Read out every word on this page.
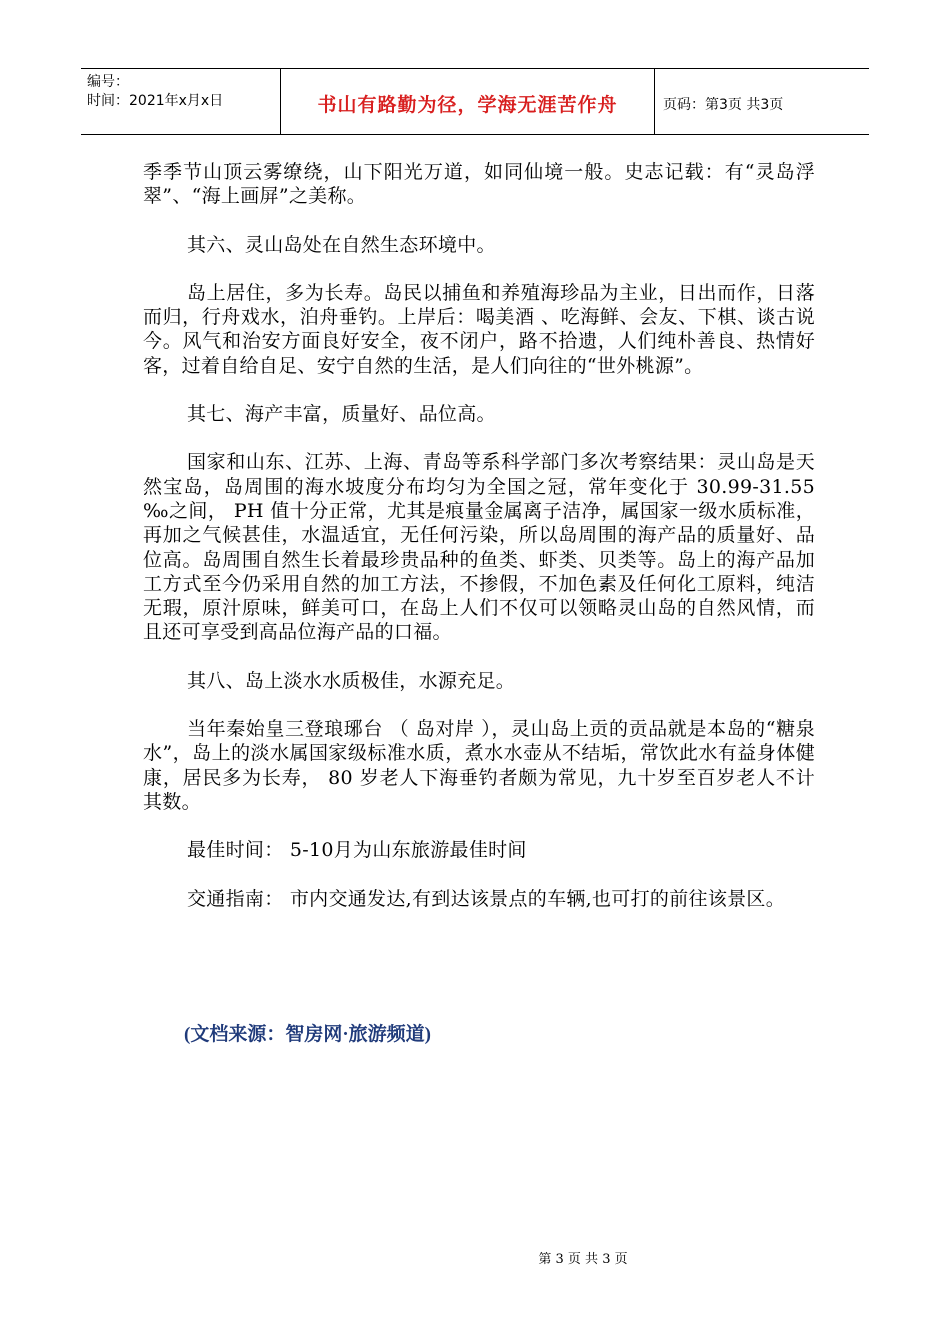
编号：
时间：2021年x月x日	书山有路勤为径，学海无涯苦作舟	页码：第3页 共3页

季季节山顶云雾缭绕，山下阳光万道，如同仙境一般。史志记载：有“灵岛浮翠”、“海上画屏”之美称。

其六、灵山岛处在自然生态环境中。

岛上居住，多为长寿。岛民以捕鱼和养殖海珍品为主业，日出而作，日落而归，行舟戏水，泊舟垂钓。上岸后：喝美酒 、吃海鲜、会友、下棋、谈古说今。风气和治安方面良好安全，夜不闭户，路不拾遗，人们纯朴善良、热情好客，过着自给自足、安宁自然的生活，是人们向往的“世外桃源”。

其七、海产丰富，质量好、品位高。

国家和山东、江苏、上海、青岛等系科学部门多次考察结果：灵山岛是天然宝岛，岛周围的海水坡度分布均匀为全国之冠，常年变化于 30.99-31.55 ‰之间， PH 值十分正常，尤其是痕量金属离子洁净，属国家一级水质标准，再加之气候甚佳，水温适宜，无任何污染，所以岛周围的海产品的质量好、品位高。岛周围自然生长着最珍贵品种的鱼类、虾类、贝类等。岛上的海产品加工方式至今仍采用自然的加工方法，不掺假，不加色素及任何化工原料，纯洁无瑕，原汁原味，鲜美可口，在岛上人们不仅可以领略灵山岛的自然风情，而且还可享受到高品位海产品的口福。

其八、岛上淡水水质极佳，水源充足。

当年秦始皇三登琅琊台 （ 岛对岸 ），灵山岛上贡的贡品就是本岛的“糖泉水”，岛上的淡水属国家级标准水质，煮水水壶从不结垢，常饮此水有益身体健康，居民多为长寿， 80 岁老人下海垂钓者颇为常见，九十岁至百岁老人不计其数。

最佳时间： 5-10月为山东旅游最佳时间

交通指南： 市内交通发达,有到达该景点的车辆,也可打的前往该景区。

(文档来源：智房网·旅游频道)
第 3 页 共 3 页
